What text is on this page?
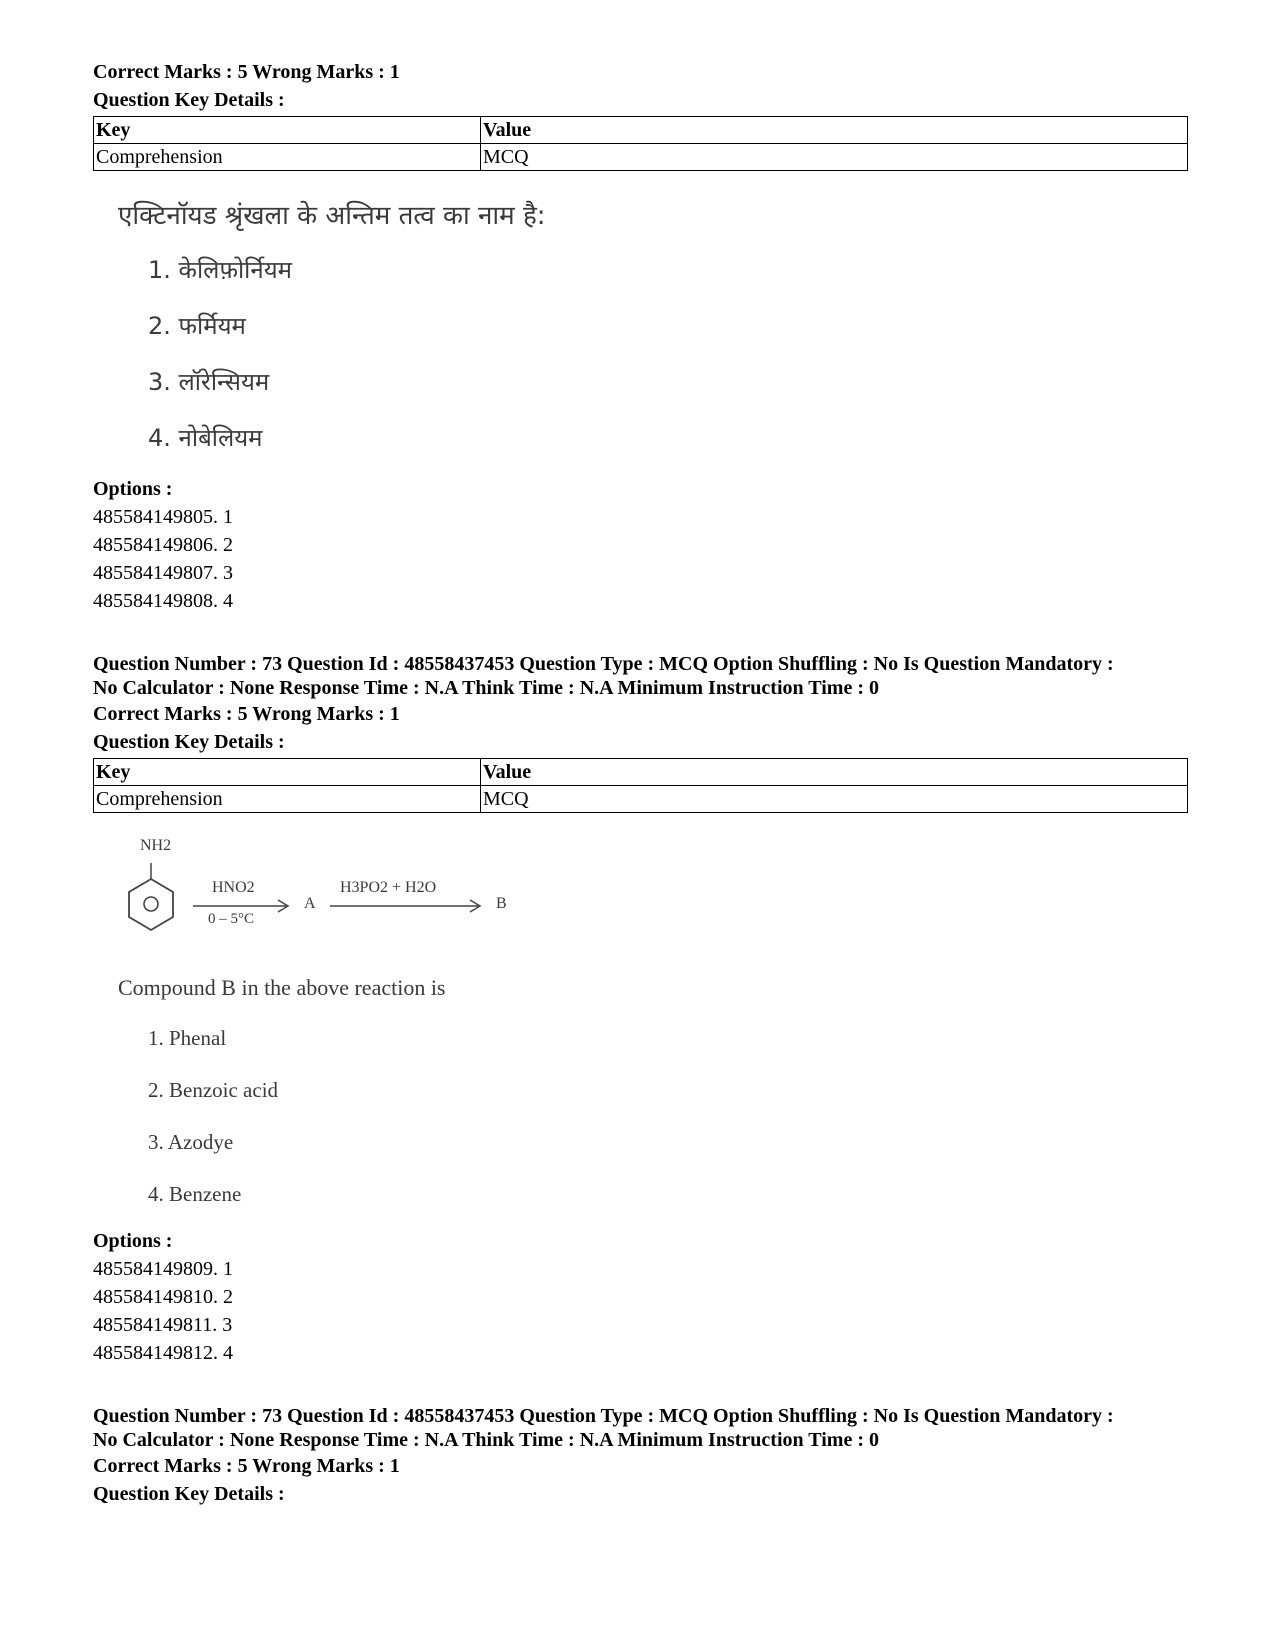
Correct Marks : 5 Wrong Marks : 1
Question Key Details :
Key	Value
Comprehension	MCQ
एक्टिनॉयड श्रृंखला के अन्तिम तत्व का नाम है:
1. केलिफ़ोर्नियम
2. फर्मियम
3. लॉरेन्सियम
4. नोबेलियम
Options :
485584149805. 1
485584149806. 2
485584149807. 3
485584149808. 4
Question Number : 73 Question Id : 48558437453 Question Type : MCQ Option Shuffling : No Is Question Mandatory :
No Calculator : None Response Time : N.A Think Time : N.A Minimum Instruction Time : 0
Correct Marks : 5 Wrong Marks : 1
Question Key Details :
Key	Value
Comprehension	MCQ
NH2
HNO2
0 – 5°C
A
H3PO2 + H2O
B
Compound B in the above reaction is
1. Phenal
2. Benzoic acid
3. Azodye
4. Benzene
Options :
485584149809. 1
485584149810. 2
485584149811. 3
485584149812. 4
Question Number : 73 Question Id : 48558437453 Question Type : MCQ Option Shuffling : No Is Question Mandatory :
No Calculator : None Response Time : N.A Think Time : N.A Minimum Instruction Time : 0
Correct Marks : 5 Wrong Marks : 1
Question Key Details :
